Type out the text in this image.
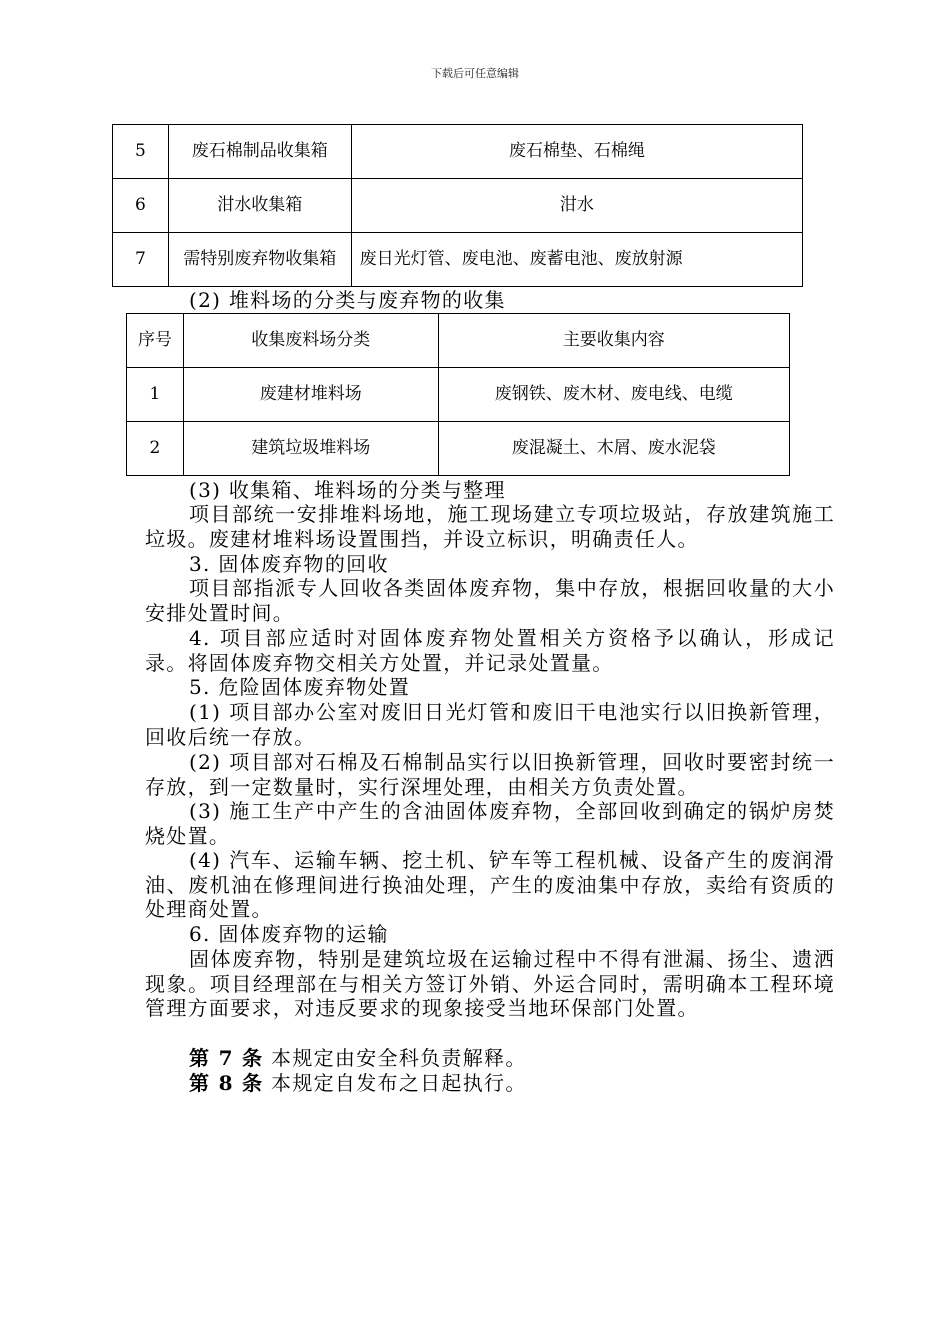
下载后可任意编辑
5	废石棉制品收集箱	废石棉垫、石棉绳
6	泔水收集箱	泔水
7	需特别废弃物收集箱	废日光灯管、废电池、废蓄电池、废放射源
(2) 堆料场的分类与废弃物的收集
序号	收集废料场分类	主要收集内容
1	废建材堆料场	废钢铁、废木材、废电线、电缆
2	建筑垃圾堆料场	废混凝土、木屑、废水泥袋
(3) 收集箱、堆料场的分类与整理

项目部统一安排堆料场地，施工现场建立专项垃圾站，存放建筑施工垃圾。废建材堆料场设置围挡，并设立标识，明确责任人。

3. 固体废弃物的回收

项目部指派专人回收各类固体废弃物，集中存放，根据回收量的大小安排处置时间。

4. 项目部应适时对固体废弃物处置相关方资格予以确认，形成记录。将固体废弃物交相关方处置，并记录处置量。

5. 危险固体废弃物处置

(1) 项目部办公室对废旧日光灯管和废旧干电池实行以旧换新管理，回收后统一存放。

(2) 项目部对石棉及石棉制品实行以旧换新管理，回收时要密封统一存放，到一定数量时，实行深埋处理，由相关方负责处置。

(3) 施工生产中产生的含油固体废弃物，全部回收到确定的锅炉房焚烧处置。

(4) 汽车、运输车辆、挖土机、铲车等工程机械、设备产生的废润滑油、废机油在修理间进行换油处理，产生的废油集中存放，卖给有资质的处理商处置。

6. 固体废弃物的运输

固体废弃物，特别是建筑垃圾在运输过程中不得有泄漏、扬尘、遗洒现象。项目经理部在与相关方签订外销、外运合同时，需明确本工程环境管理方面要求，对违反要求的现象接受当地环保部门处置。

第 7 条 本规定由安全科负责解释。
第 8 条 本规定自发布之日起执行。
